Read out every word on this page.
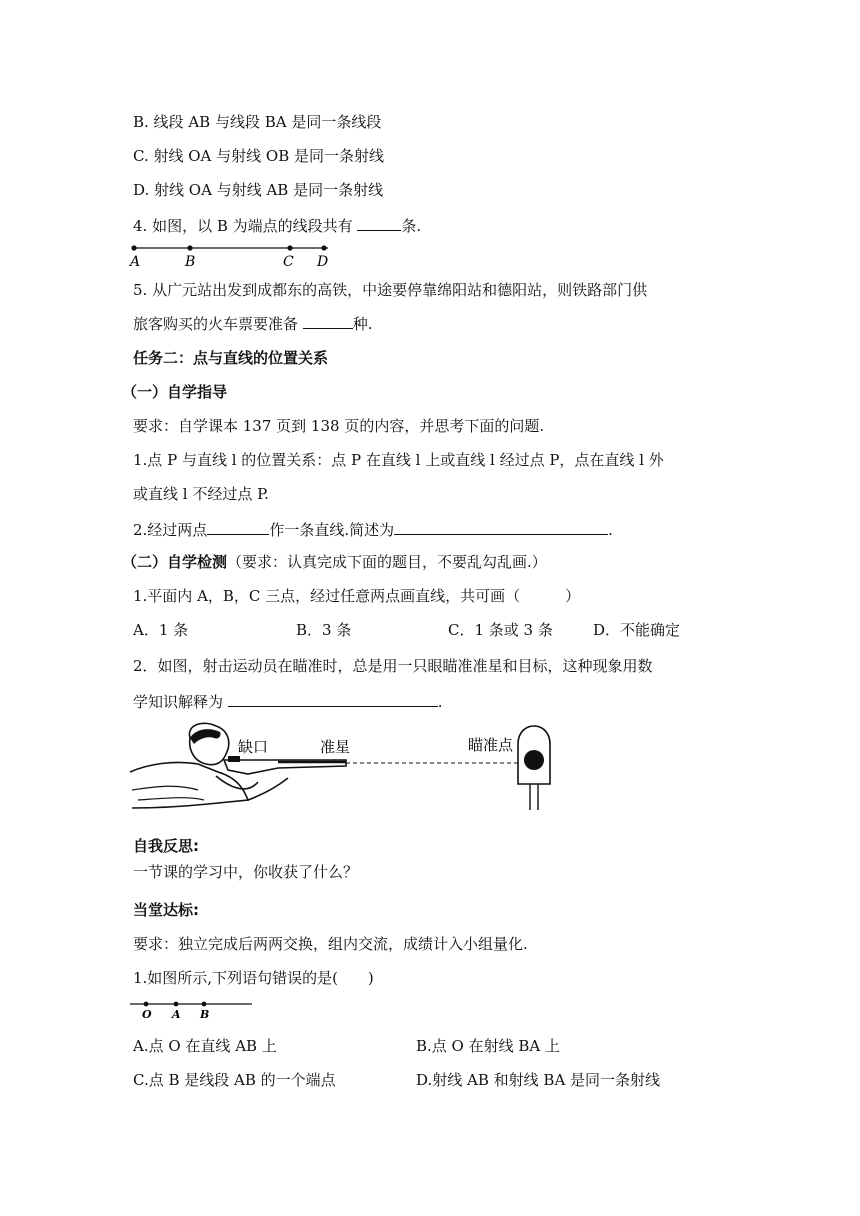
B. 线段 AB 与线段 BA 是同一条线段
C. 射线 OA 与射线 OB 是同一条射线
D. 射线 OA 与射线 AB 是同一条射线
4. 如图，以 B 为端点的线段共有	条.
A	B	C D
5. 从广元站出发到成都东的高铁，中途要停靠绵阳站和德阳站，则铁路部门供
旅客购买的火车票要准备	种.
任务二：点与直线的位置关系
（一）自学指导
要求：自学课本 137 页到 138 页的内容，并思考下面的问题.
1.点 P 与直线 l 的位置关系：点 P 在直线 l 上或直线 l 经过点 P，点在直线 l 外
或直线 l 不经过点 P.
2.经过两点	作一条直线.简述为	.
（二）自学检测（要求：认真完成下面的题目，不要乱勾乱画.）
1.平面内 A，B，C 三点，经过任意两点画直线，共可画（　　　）
A．1 条	B．3 条	C．1 条或 3 条	D．不能确定
2．如图，射击运动员在瞄准时，总是用一只眼瞄准准星和目标，这种现象用数
学知识解释为	.
缺口	准星	瞄准点
自我反思:
一节课的学习中，你收获了什么？
当堂达标:
要求：独立完成后两两交换，组内交流，成绩计入小组量化.
1.如图所示,下列语句错误的是(　　)
O A B
A.点 O 在直线 AB 上	B.点 O 在射线 BA 上
C.点 B 是线段 AB 的一个端点	D.射线 AB 和射线 BA 是同一条射线
